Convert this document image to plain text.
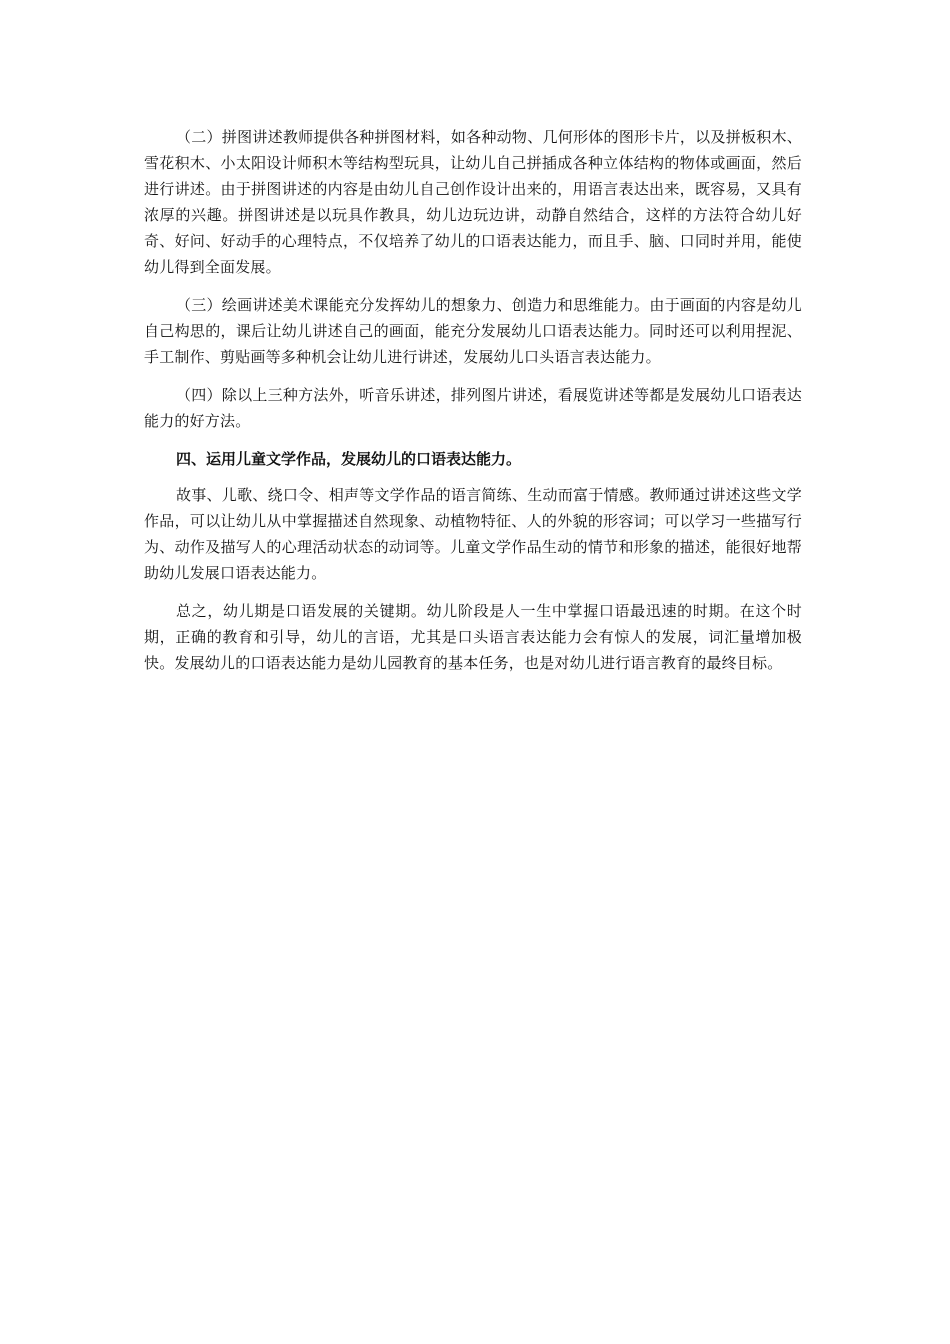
（二）拼图讲述教师提供各种拼图材料，如各种动物、几何形体的图形卡片，以及拼板积木、雪花积木、小太阳设计师积木等结构型玩具，让幼儿自己拼插成各种立体结构的物体或画面，然后进行讲述。由于拼图讲述的内容是由幼儿自己创作设计出来的，用语言表达出来，既容易，又具有浓厚的兴趣。拼图讲述是以玩具作教具，幼儿边玩边讲，动静自然结合，这样的方法符合幼儿好奇、好问、好动手的心理特点，不仅培养了幼儿的口语表达能力，而且手、脑、口同时并用，能使幼儿得到全面发展。

（三）绘画讲述美术课能充分发挥幼儿的想象力、创造力和思维能力。由于画面的内容是幼儿自己构思的，课后让幼儿讲述自己的画面，能充分发展幼儿口语表达能力。同时还可以利用捏泥、手工制作、剪贴画等多种机会让幼儿进行讲述，发展幼儿口头语言表达能力。

（四）除以上三种方法外，听音乐讲述，排列图片讲述，看展览讲述等都是发展幼儿口语表达能力的好方法。

四、运用儿童文学作品，发展幼儿的口语表达能力。

故事、儿歌、绕口令、相声等文学作品的语言简练、生动而富于情感。教师通过讲述这些文学作品，可以让幼儿从中掌握描述自然现象、动植物特征、人的外貌的形容词；可以学习一些描写行为、动作及描写人的心理活动状态的动词等。儿童文学作品生动的情节和形象的描述，能很好地帮助幼儿发展口语表达能力。

总之，幼儿期是口语发展的关键期。幼儿阶段是人一生中掌握口语最迅速的时期。在这个时期，正确的教育和引导，幼儿的言语，尤其是口头语言表达能力会有惊人的发展，词汇量增加极快。发展幼儿的口语表达能力是幼儿园教育的基本任务，也是对幼儿进行语言教育的最终目标。
